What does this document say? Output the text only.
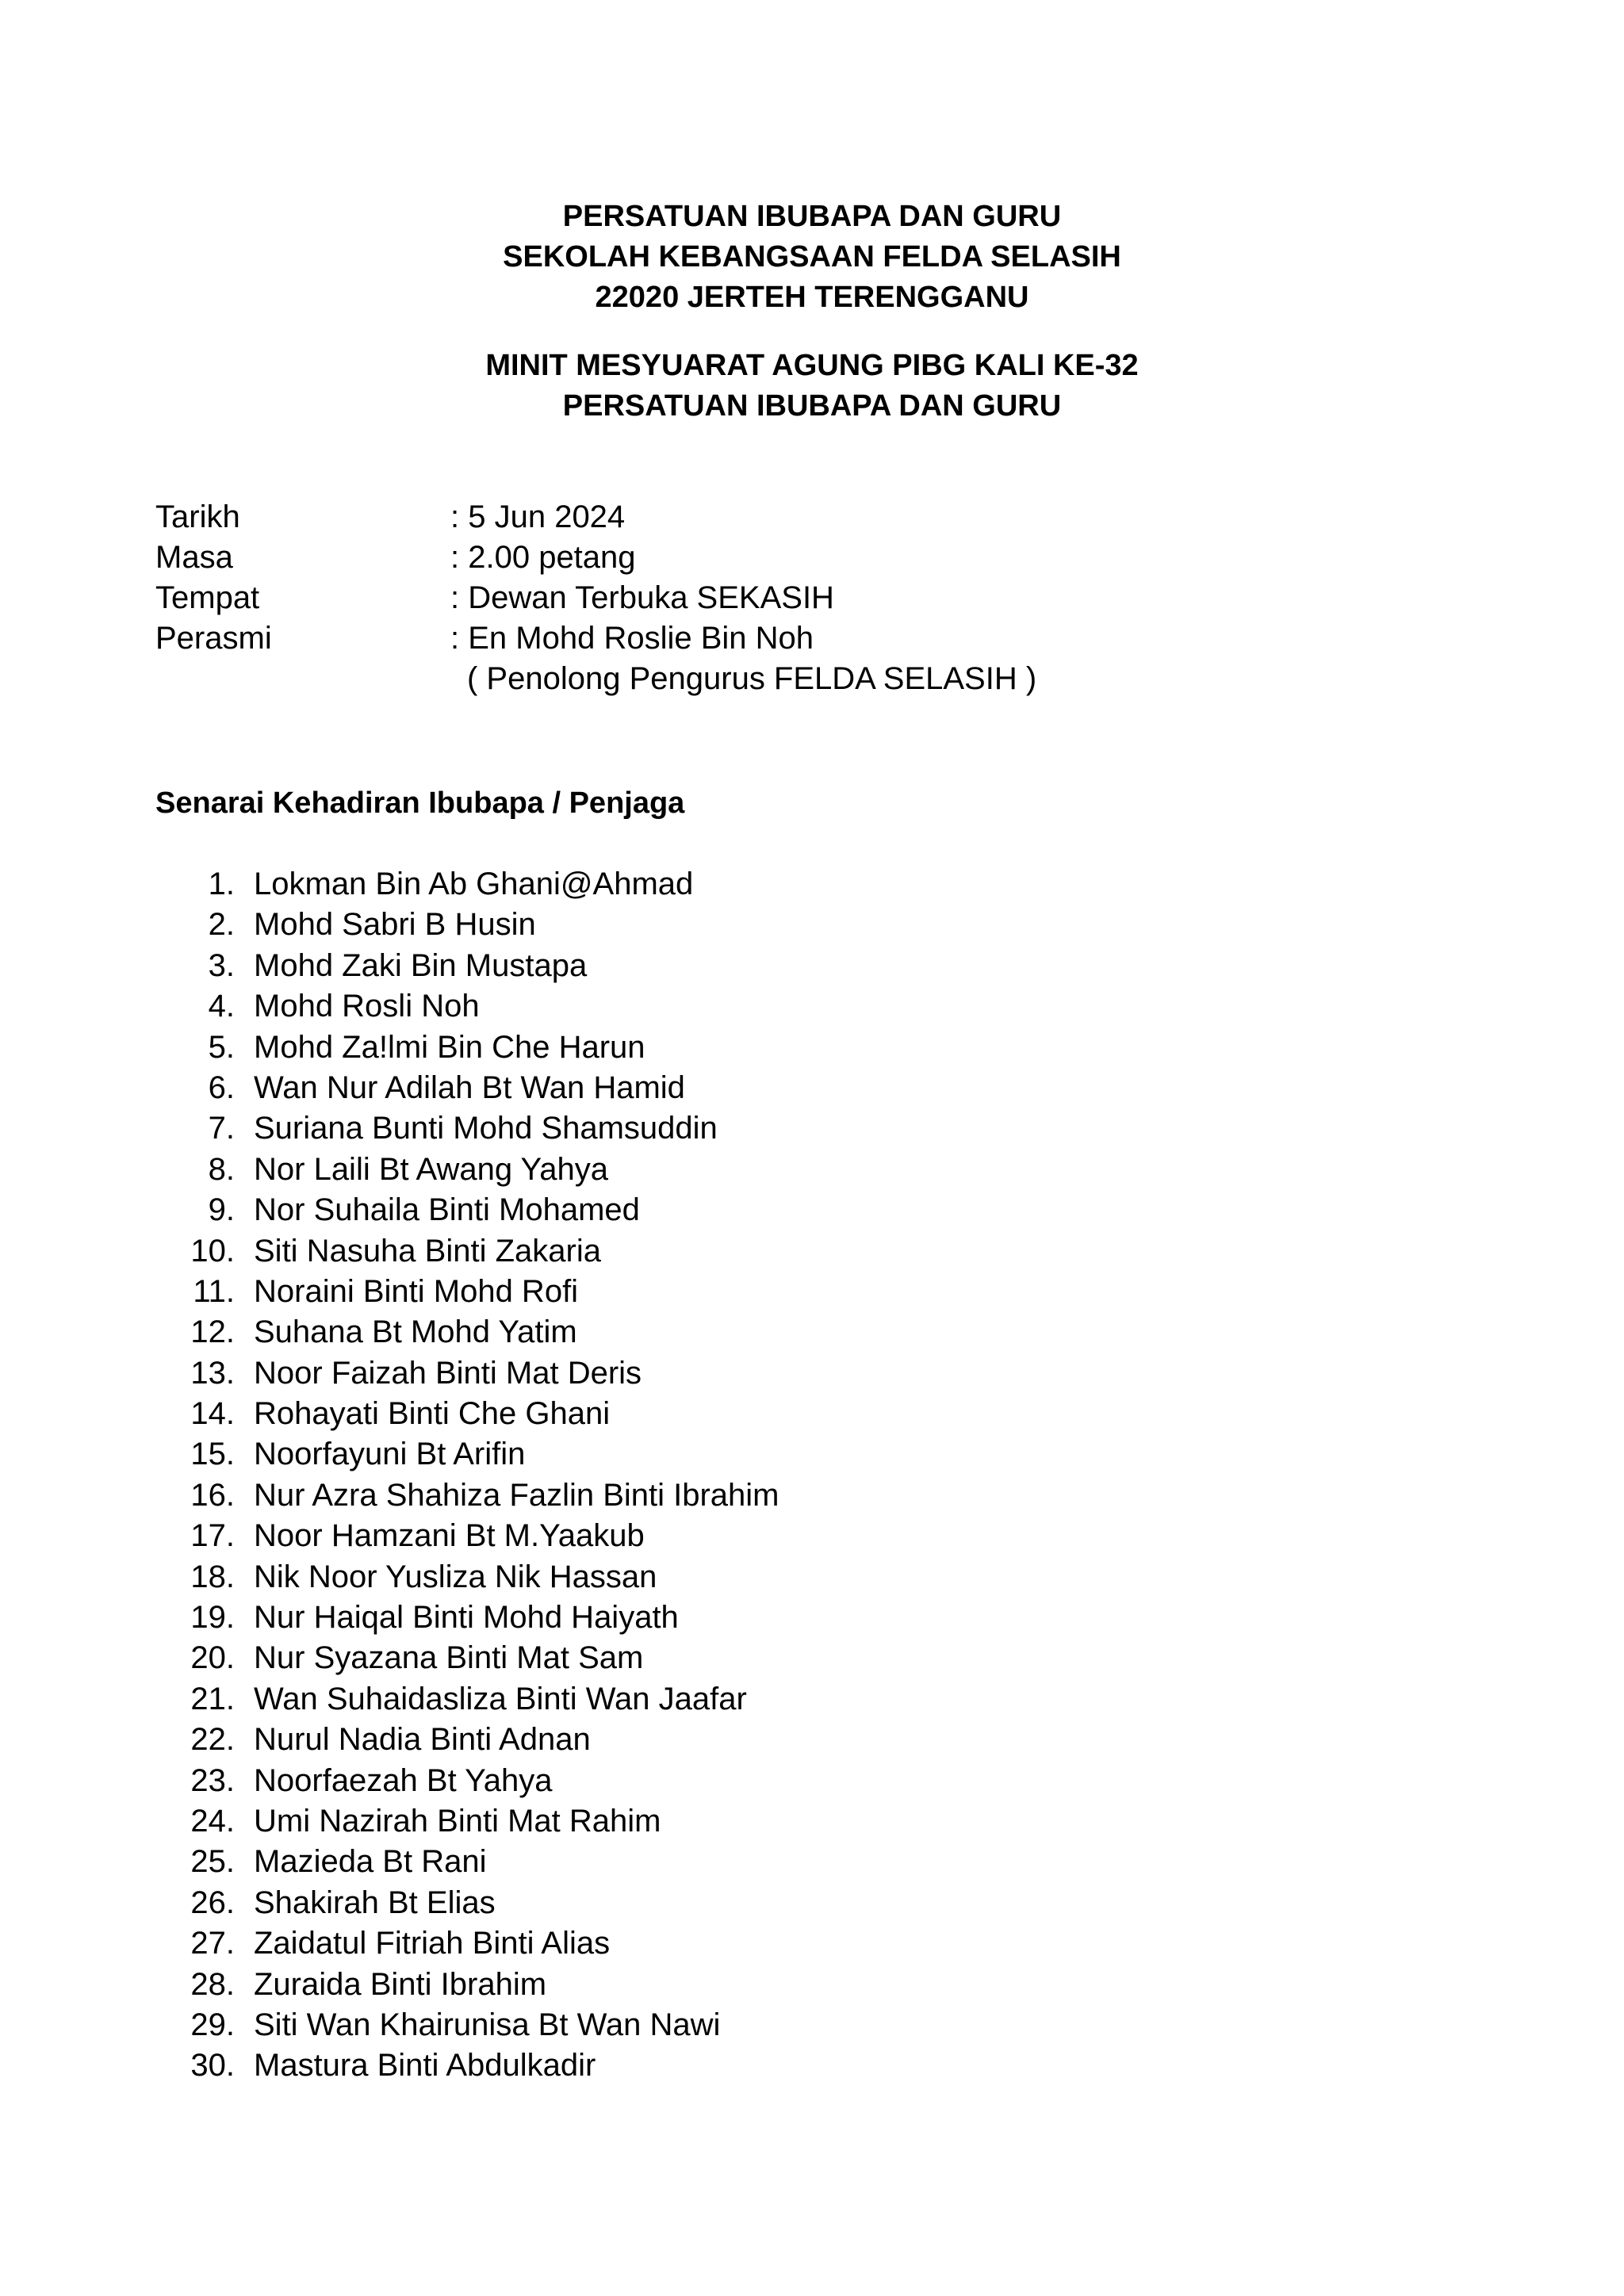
PERSATUAN IBUBAPA DAN GURU
SEKOLAH KEBANGSAAN FELDA SELASIH
22020 JERTEH TERENGGANU
MINIT MESYUARAT AGUNG PIBG KALI KE-32
PERSATUAN IBUBAPA DAN GURU
Tarikh	: 5 Jun 2024
Masa	: 2.00 petang
Tempat	: Dewan Terbuka SEKASIH
Perasmi	: En Mohd Roslie Bin Noh
( Penolong Pengurus FELDA SELASIH )
Senarai Kehadiran Ibubapa / Penjaga
1. Lokman Bin Ab Ghani@Ahmad
2. Mohd Sabri B Husin
3. Mohd Zaki Bin Mustapa
4. Mohd Rosli Noh
5. Mohd Za!lmi Bin Che Harun
6. Wan Nur Adilah Bt Wan Hamid
7. Suriana Bunti Mohd Shamsuddin
8. Nor Laili Bt Awang Yahya
9. Nor Suhaila Binti Mohamed
10. Siti Nasuha Binti Zakaria
11. Noraini Binti Mohd Rofi
12. Suhana Bt Mohd Yatim
13. Noor Faizah Binti Mat Deris
14. Rohayati Binti Che Ghani
15. Noorfayuni Bt Arifin
16. Nur Azra Shahiza Fazlin Binti Ibrahim
17. Noor Hamzani Bt M.Yaakub
18. Nik Noor Yusliza Nik Hassan
19. Nur Haiqal Binti Mohd Haiyath
20. Nur Syazana Binti Mat Sam
21. Wan Suhaidasliza Binti Wan Jaafar
22. Nurul Nadia Binti Adnan
23. Noorfaezah Bt Yahya
24. Umi Nazirah Binti Mat Rahim
25. Mazieda Bt Rani
26. Shakirah Bt Elias
27. Zaidatul Fitriah Binti Alias
28. Zuraida Binti Ibrahim
29. Siti Wan Khairunisa Bt Wan Nawi
30. Mastura Binti Abdulkadir
